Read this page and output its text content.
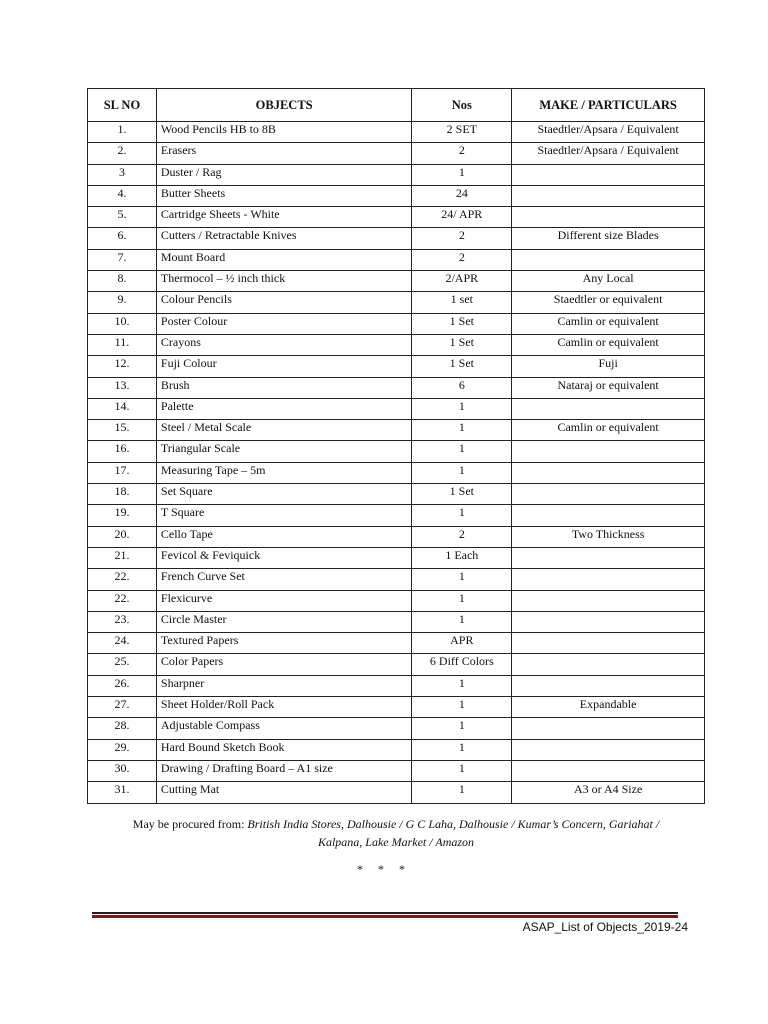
SL NO	OBJECTS	Nos	MAKE / PARTICULARS
1.	Wood Pencils HB to 8B	2 SET	Staedtler/Apsara / Equivalent
2.	Erasers	2	Staedtler/Apsara / Equivalent
3	Duster / Rag	1	
4.	Butter Sheets	24	
5.	Cartridge Sheets - White	24/ APR	
6.	Cutters / Retractable Knives	2	Different size Blades
7.	Mount Board	2	
8.	Thermocol – ½ inch thick	2/APR	Any Local
9.	Colour Pencils	1 set	Staedtler or equivalent
10.	Poster Colour	1 Set	Camlin or equivalent
11.	Crayons	1 Set	Camlin or equivalent
12.	Fuji Colour	1 Set	Fuji
13.	Brush	6	Nataraj or equivalent
14.	Palette	1	
15.	Steel / Metal Scale	1	Camlin or equivalent
16.	Triangular Scale	1	
17.	Measuring Tape – 5m	1	
18.	Set Square	1 Set	
19.	T Square	1	
20.	Cello Tape	2	Two Thickness
21.	Fevicol & Feviquick	1 Each	
22.	French Curve Set	1	
22.	Flexicurve	1	
23.	Circle Master	1	
24.	Textured Papers	APR	
25.	Color Papers	6 Diff Colors	
26.	Sharpner	1	
27.	Sheet Holder/Roll Pack	1	Expandable
28.	Adjustable Compass	1	
29.	Hard Bound Sketch Book	1	
30.	Drawing / Drafting Board – A1 size	1	
31.	Cutting Mat	1	A3 or A4 Size
May be procured from: British India Stores, Dalhousie / G C Laha, Dalhousie / Kumar’s Concern, Gariahat /
Kalpana, Lake Market / Amazon
* * *
ASAP_List of Objects_2019-24
